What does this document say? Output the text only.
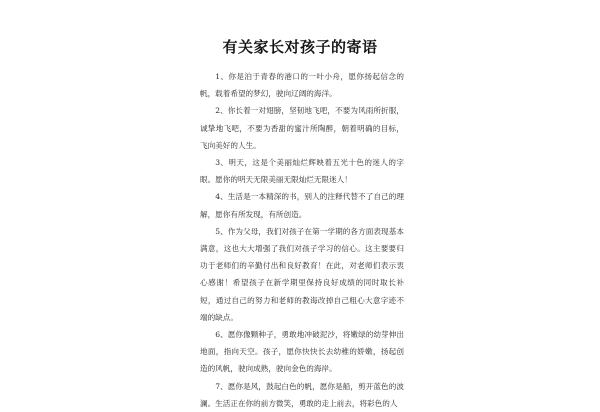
有关家长对孩子的寄语

1、你是泊于青春的港口的一叶小舟，愿你扬起信念的帆，载着希望的梦幻，驶向辽阔的海洋。

2、你长着一对翅膀，坚韧地飞吧，不要为风雨所折服，诚挚地飞吧，不要为香甜的蜜汁所陶醉，朝着明确的目标，飞向美好的人生。

3、明天，这是个美丽灿烂辉映着五光十色的迷人的字眼。愿你的明天无限美丽无限灿烂无限迷人！

4、生活是一本精深的书，别人的注释代替不了自己的理解，愿你有所发现，有所创造。

5、作为父母，我们对孩子在第一学期的各方面表现基本满意，这也大大增强了我们对孩子学习的信心。这主要要归功于老师们的辛勤付出和良好教育！在此，对老师们表示衷心感谢！希望孩子在新学期里保持良好成绩的同时取长补短，通过自己的努力和老师的教诲改掉自己粗心大意字迹不端的缺点。

6、愿你像颗种子，勇敢地冲破泥沙，将嫩绿的幼芽伸出地面，指向天空。孩子，愿你快快长去幼稚的娇嫩，扬起创造的风帆，驶向成熟，驶向金色的海岸。

7、愿你是风，鼓起白色的帆，愿你是船，剪开蓝色的波澜。生活正在你的前方微笑，勇敢的走上前去，将彩色的人
